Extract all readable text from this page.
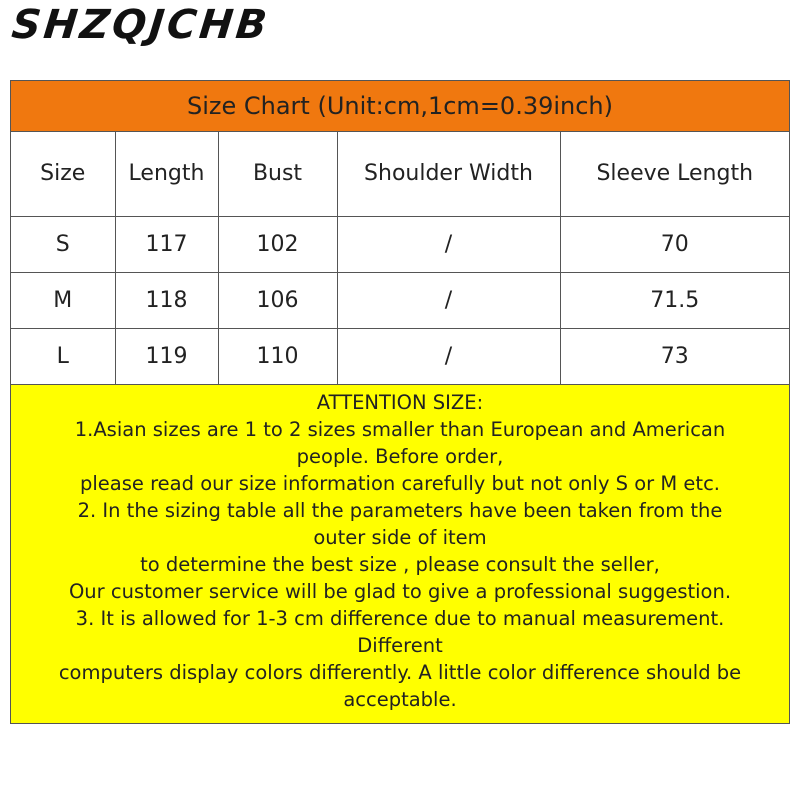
SHZQJCHB
Size Chart (Unit:cm,1cm=0.39inch)
Size	Length	Bust	Shoulder Width	Sleeve Length
S	117	102	/	70
M	118	106	/	71.5
L	119	110	/	73
ATTENTION SIZE:
1.Asian sizes are 1 to 2 sizes smaller than European and American
people. Before order,
please read our size information carefully but not only S or M etc.
2. In the sizing table all the parameters have been taken from the
outer side of item
to determine the best size , please consult the seller,
Our customer service will be glad to give a professional suggestion.
3. It is allowed for 1-3 cm difference due to manual measurement.
Different
computers display colors differently. A little color difference should be
acceptable.
